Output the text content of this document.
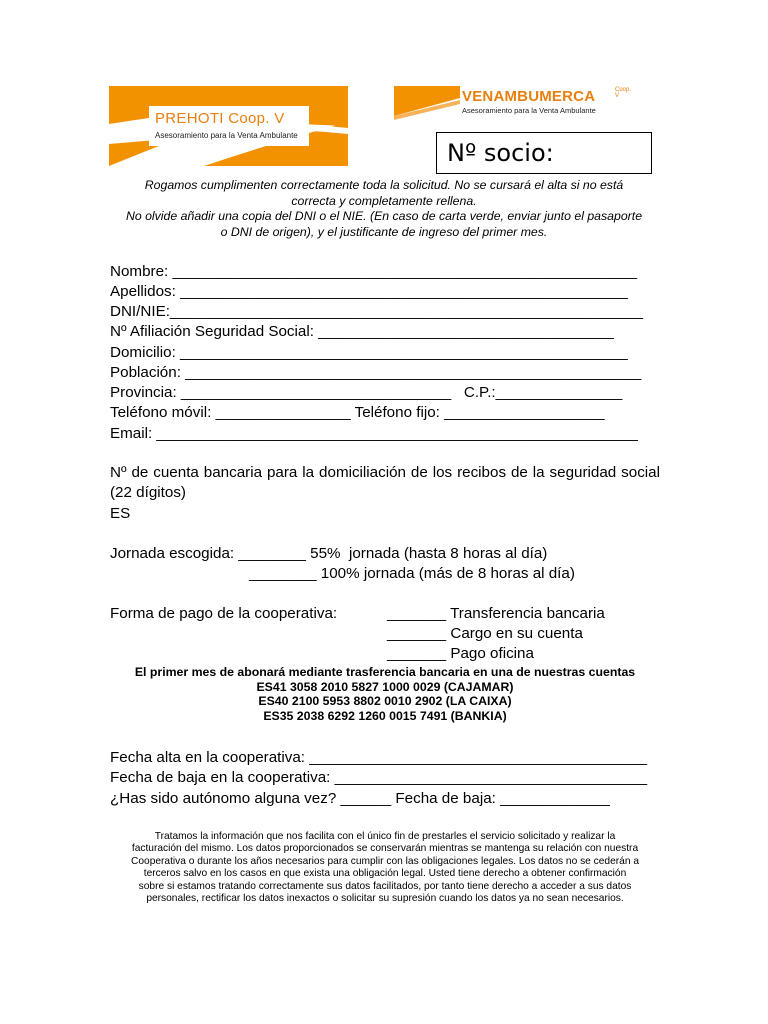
PREHOTI Coop. V
Asesoramiento para la Venta Ambulante
VENAMBUMERCA	Coop. V
Asesoramiento para la Venta Ambulante
Nº socio:
Rogamos cumplimenten correctamente toda la solicitud. No se cursará el alta si no está
correcta y completamente rellena.
No olvide añadir una copia del DNI o el NIE. (En caso de carta verde, enviar junto el pasaporte
o DNI de origen), y el justificante de ingreso del primer mes.
Nombre: _______________________________________________________
Apellidos: _____________________________________________________
DNI/NIE:________________________________________________________
Nº Afiliación Seguridad Social: ___________________________________
Domicilio: _____________________________________________________
Población: ______________________________________________________
Provincia: ________________________________   C.P.:_______________
Teléfono móvil: ________________ Teléfono fijo: ___________________
Email: _________________________________________________________
Nº de cuenta bancaria para la domiciliación de los recibos de la seguridad social (22 dígitos)
ES
Jornada escogida: ________ 55%  jornada (hasta 8 horas al día)
________ 100% jornada (más de 8 horas al día)
Forma de pago de la cooperativa:	_______ Transferencia bancaria
_______ Cargo en su cuenta
_______ Pago oficina
El primer mes de abonará mediante trasferencia bancaria en una de nuestras cuentas
ES41 3058 2010 5827 1000 0029 (CAJAMAR)
ES40 2100 5953 8802 0010 2902 (LA CAIXA)
ES35 2038 6292 1260 0015 7491 (BANKIA)
Fecha alta en la cooperativa: ________________________________________
Fecha de baja en la cooperativa: _____________________________________
¿Has sido autónomo alguna vez? ______ Fecha de baja: _____________
Tratamos la información que nos facilita con el único fin de prestarles el servicio solicitado y realizar la
facturación del mismo. Los datos proporcionados se conservarán mientras se mantenga su relación con nuestra
Cooperativa o durante los años necesarios para cumplir con las obligaciones legales. Los datos no se cederán a
terceros salvo en los casos en que exista una obligación legal. Usted tiene derecho a obtener confirmación
sobre si estamos tratando correctamente sus datos facilitados, por tanto tiene derecho a acceder a sus datos
personales, rectificar los datos inexactos o solicitar su supresión cuando los datos ya no sean necesarios.
